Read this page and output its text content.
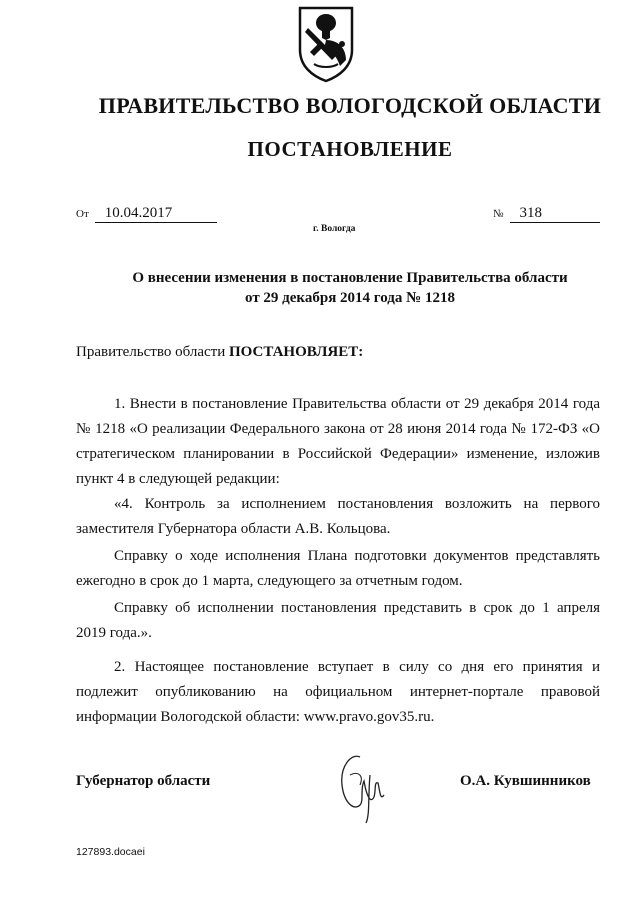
ПРАВИТЕЛЬСТВО ВОЛОГОДСКОЙ ОБЛАСТИ
ПОСТАНОВЛЕНИЕ
От 10.04.2017	№ 318
г. Вологда
О внесении изменения в постановление Правительства области
от 29 декабря 2014 года № 1218
Правительство области ПОСТАНОВЛЯЕТ:
1. Внести в постановление Правительства области от 29 декабря 2014 года № 1218 «О реализации Федерального закона от 28 июня 2014 года № 172-ФЗ «О стратегическом планировании в Российской Федерации» изменение, изложив пункт 4 в следующей редакции:
«4. Контроль за исполнением постановления возложить на первого заместителя Губернатора области А.В. Кольцова.
Справку о ходе исполнения Плана подготовки документов представлять ежегодно в срок до 1 марта, следующего за отчетным годом.
Справку об исполнении постановления представить в срок до 1 апреля 2019 года.».
2. Настоящее постановление вступает в силу со дня его принятия и подлежит опубликованию на официальном интернет-портале правовой информации Вологодской области: www.pravo.gov35.ru.
Губернатор области	О.А. Кувшинников
127893.docaei
